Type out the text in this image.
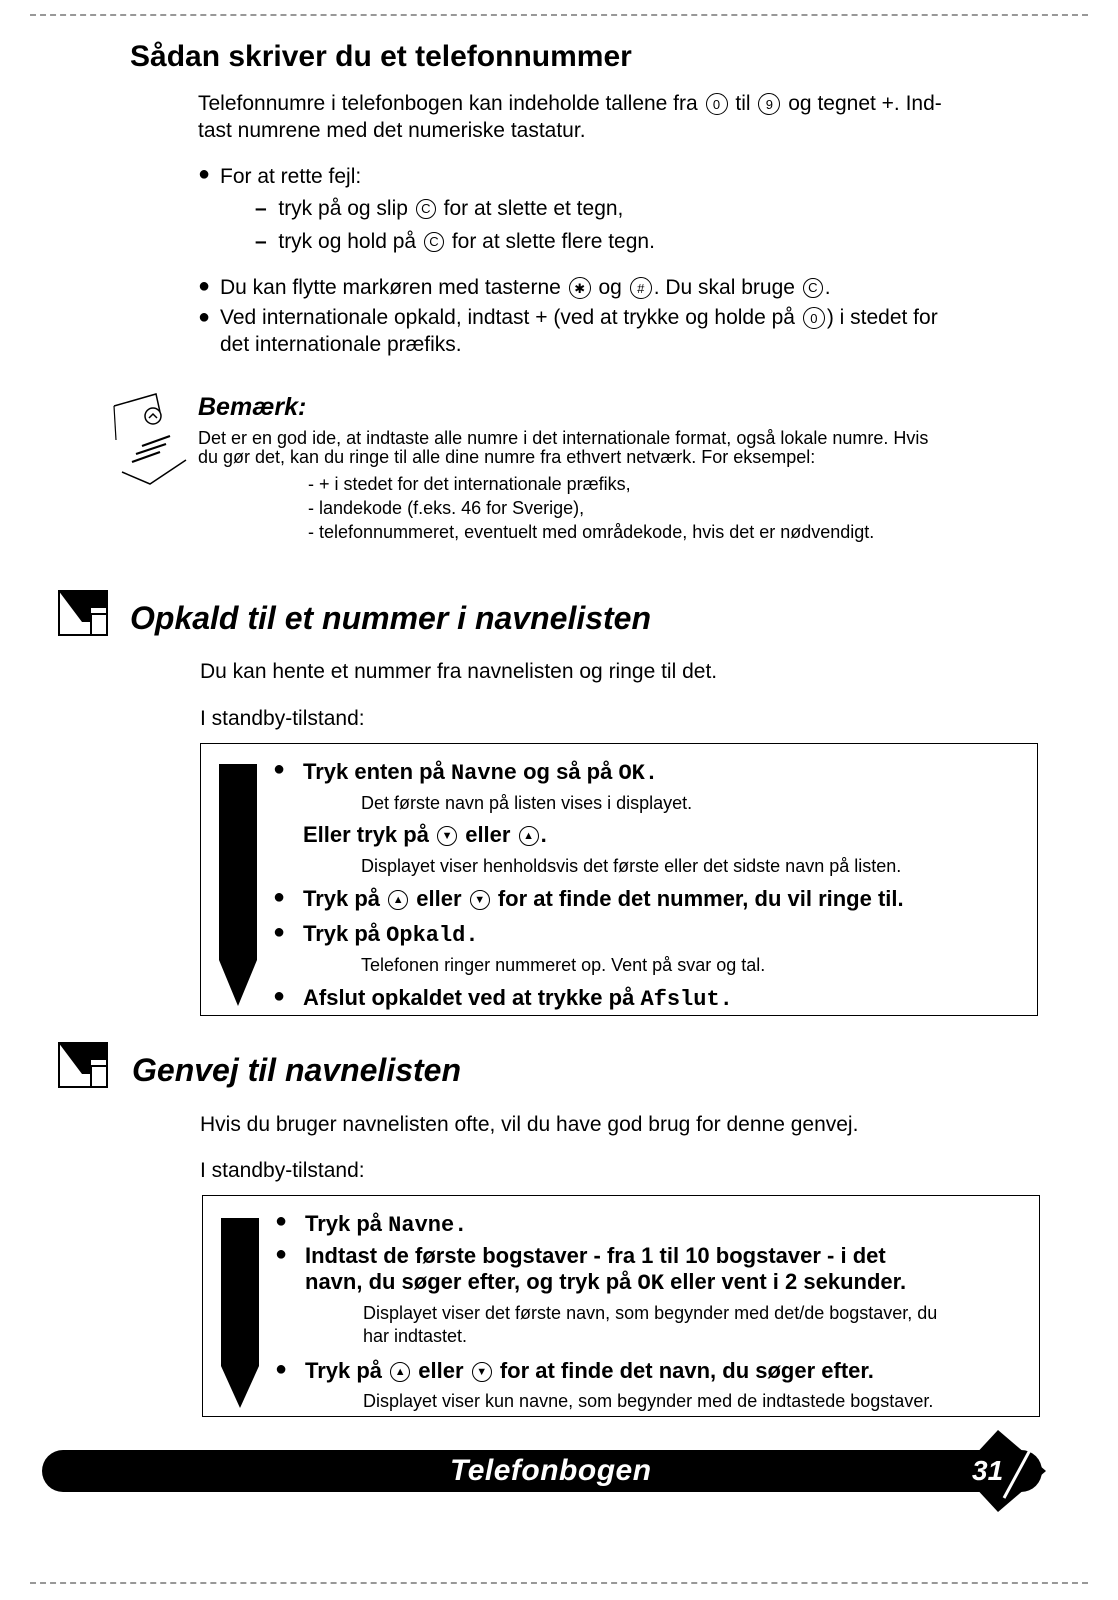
Sådan skriver du et telefonnummer
Telefonnumre i telefonbogen kan indeholde tallene fra 0 til 9 og tegnet +. Ind-
tast numrene med det numeriske tastatur.
● For at rette fejl:
– tryk på og slip C for at slette et tegn,
– tryk og hold på C for at slette flere tegn.
● Du kan flytte markøren med tasterne ✱ og # . Du skal bruge C .
● Ved internationale opkald, indtast + (ved at trykke og holde på 0 ) i stedet for
det internationale præfiks.
Bemærk:
Det er en god ide, at indtaste alle numre i det internationale format, også lokale numre. Hvis
du gør det, kan du ringe til alle dine numre fra ethvert netværk. For eksempel:
- + i stedet for det internationale præfiks,
- landekode (f.eks. 46 for Sverige),
- telefonnummeret, eventuelt med områdekode, hvis det er nødvendigt.
Opkald til et nummer i navnelisten
Du kan hente et nummer fra navnelisten og ringe til det.
I standby-tilstand:
● Tryk enten på Navne og så på OK.
Det første navn på listen vises i displayet.
Eller tryk på ▼ eller ▲ .
Displayet viser henholdsvis det første eller det sidste navn på listen.
● Tryk på ▲ eller ▼ for at finde det nummer, du vil ringe til.
● Tryk på Opkald.
Telefonen ringer nummeret op. Vent på svar og tal.
● Afslut opkaldet ved at trykke på Afslut.
Genvej til navnelisten
Hvis du bruger navnelisten ofte, vil du have god brug for denne genvej.
I standby-tilstand:
● Tryk på Navne.
● Indtast de første bogstaver - fra 1 til 10 bogstaver - i det
navn, du søger efter, og tryk på OK eller vent i 2 sekunder.
Displayet viser det første navn, som begynder med det/de bogstaver, du
har indtastet.
● Tryk på ▲ eller ▼ for at finde det navn, du søger efter.
Displayet viser kun navne, som begynder med de indtastede bogstaver.
Telefonbogen	31
